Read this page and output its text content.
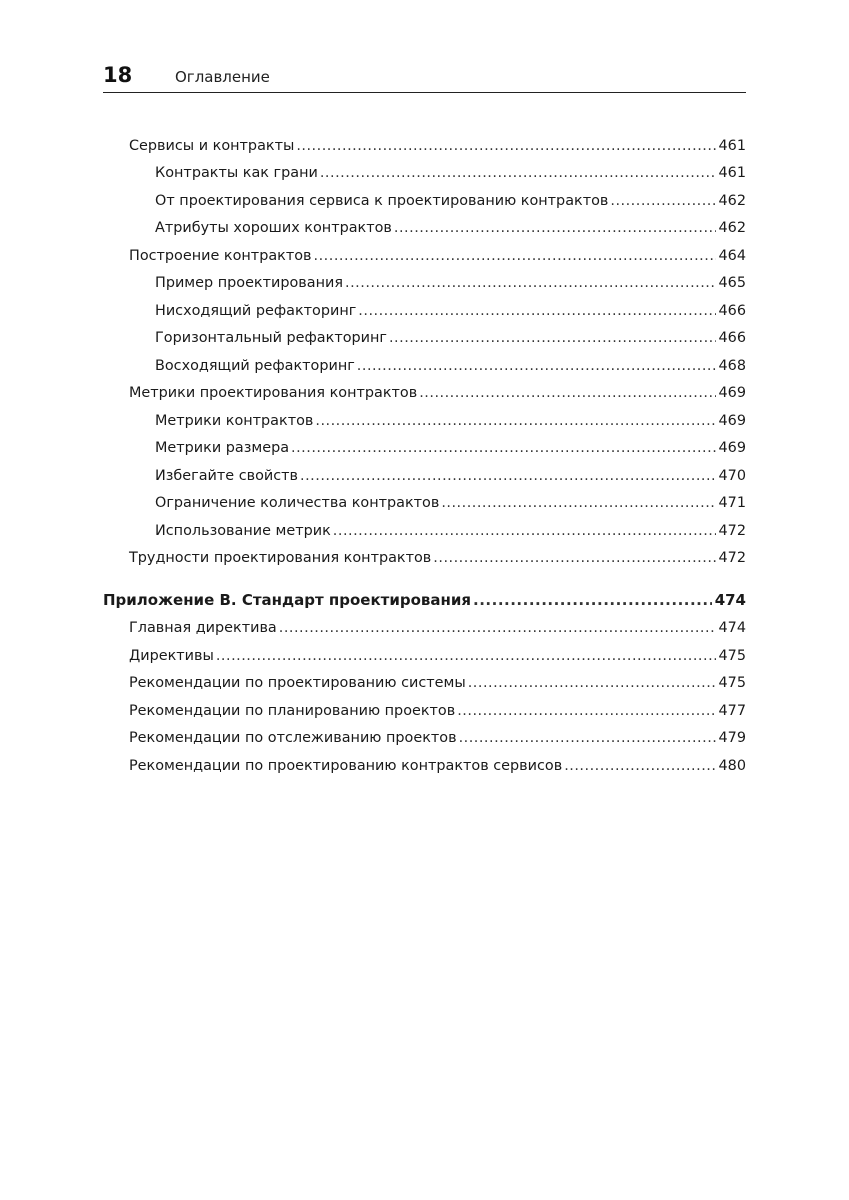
18	Оглавление
Сервисы и контракты .....	461
Контракты как грани .....	461
От проектирования сервиса к проектированию контрактов .....	462
Атрибуты хороших контрактов .....	462
Построение контрактов .....	464
Пример проектирования .....	465
Нисходящий рефакторинг .....	466
Горизонтальный рефакторинг .....	466
Восходящий рефакторинг .....	468
Метрики проектирования контрактов .....	469
Метрики контрактов .....	469
Метрики размера .....	469
Избегайте свойств .....	470
Ограничение количества контрактов .....	471
Использование метрик .....	472
Трудности проектирования контрактов .....	472
Приложение В. Стандарт проектирования .....	474
Главная директива .....	474
Директивы .....	475
Рекомендации по проектированию системы .....	475
Рекомендации по планированию проектов .....	477
Рекомендации по отслеживанию проектов .....	479
Рекомендации по проектированию контрактов сервисов .....	480
